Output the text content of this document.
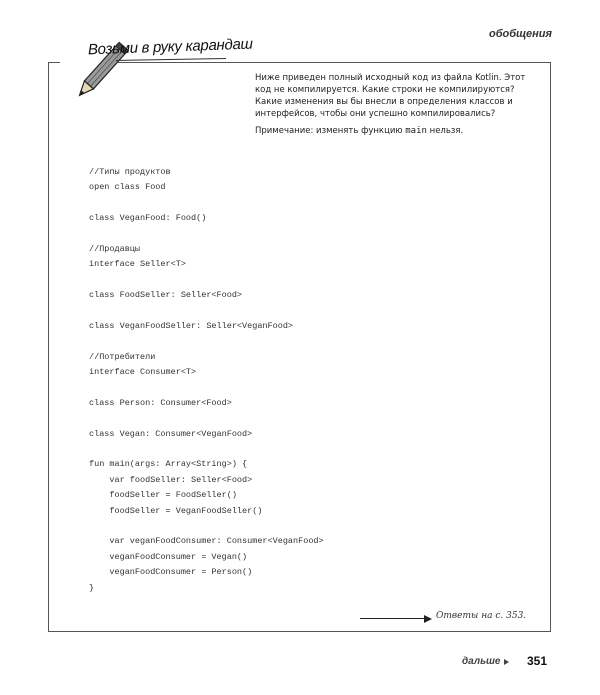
обобщения
Возьми в руку карандаш

Ниже приведен полный исходный код из файла Kotlin. Этот код не компилируется. Какие строки не компилируются? Какие изменения вы бы внесли в определения классов и интерфейсов, чтобы они успешно компилировались?

Примечание: изменять функцию main нельзя.

//Типы продуктов
open class Food
class VeganFood: Food()
//Продавцы
interface Seller<T>
class FoodSeller: Seller<Food>
class VeganFoodSeller: Seller<VeganFood>
//Потребители
interface Consumer<T>
class Person: Consumer<Food>
class Vegan: Consumer<VeganFood>
fun main(args: Array<String>) {
var foodSeller: Seller<Food>
foodSeller = FoodSeller()
foodSeller = VeganFoodSeller()
var veganFoodConsumer: Consumer<VeganFood>
veganFoodConsumer = Vegan()
veganFoodConsumer = Person()
}
Ответы на с. 353.
дальше 351
